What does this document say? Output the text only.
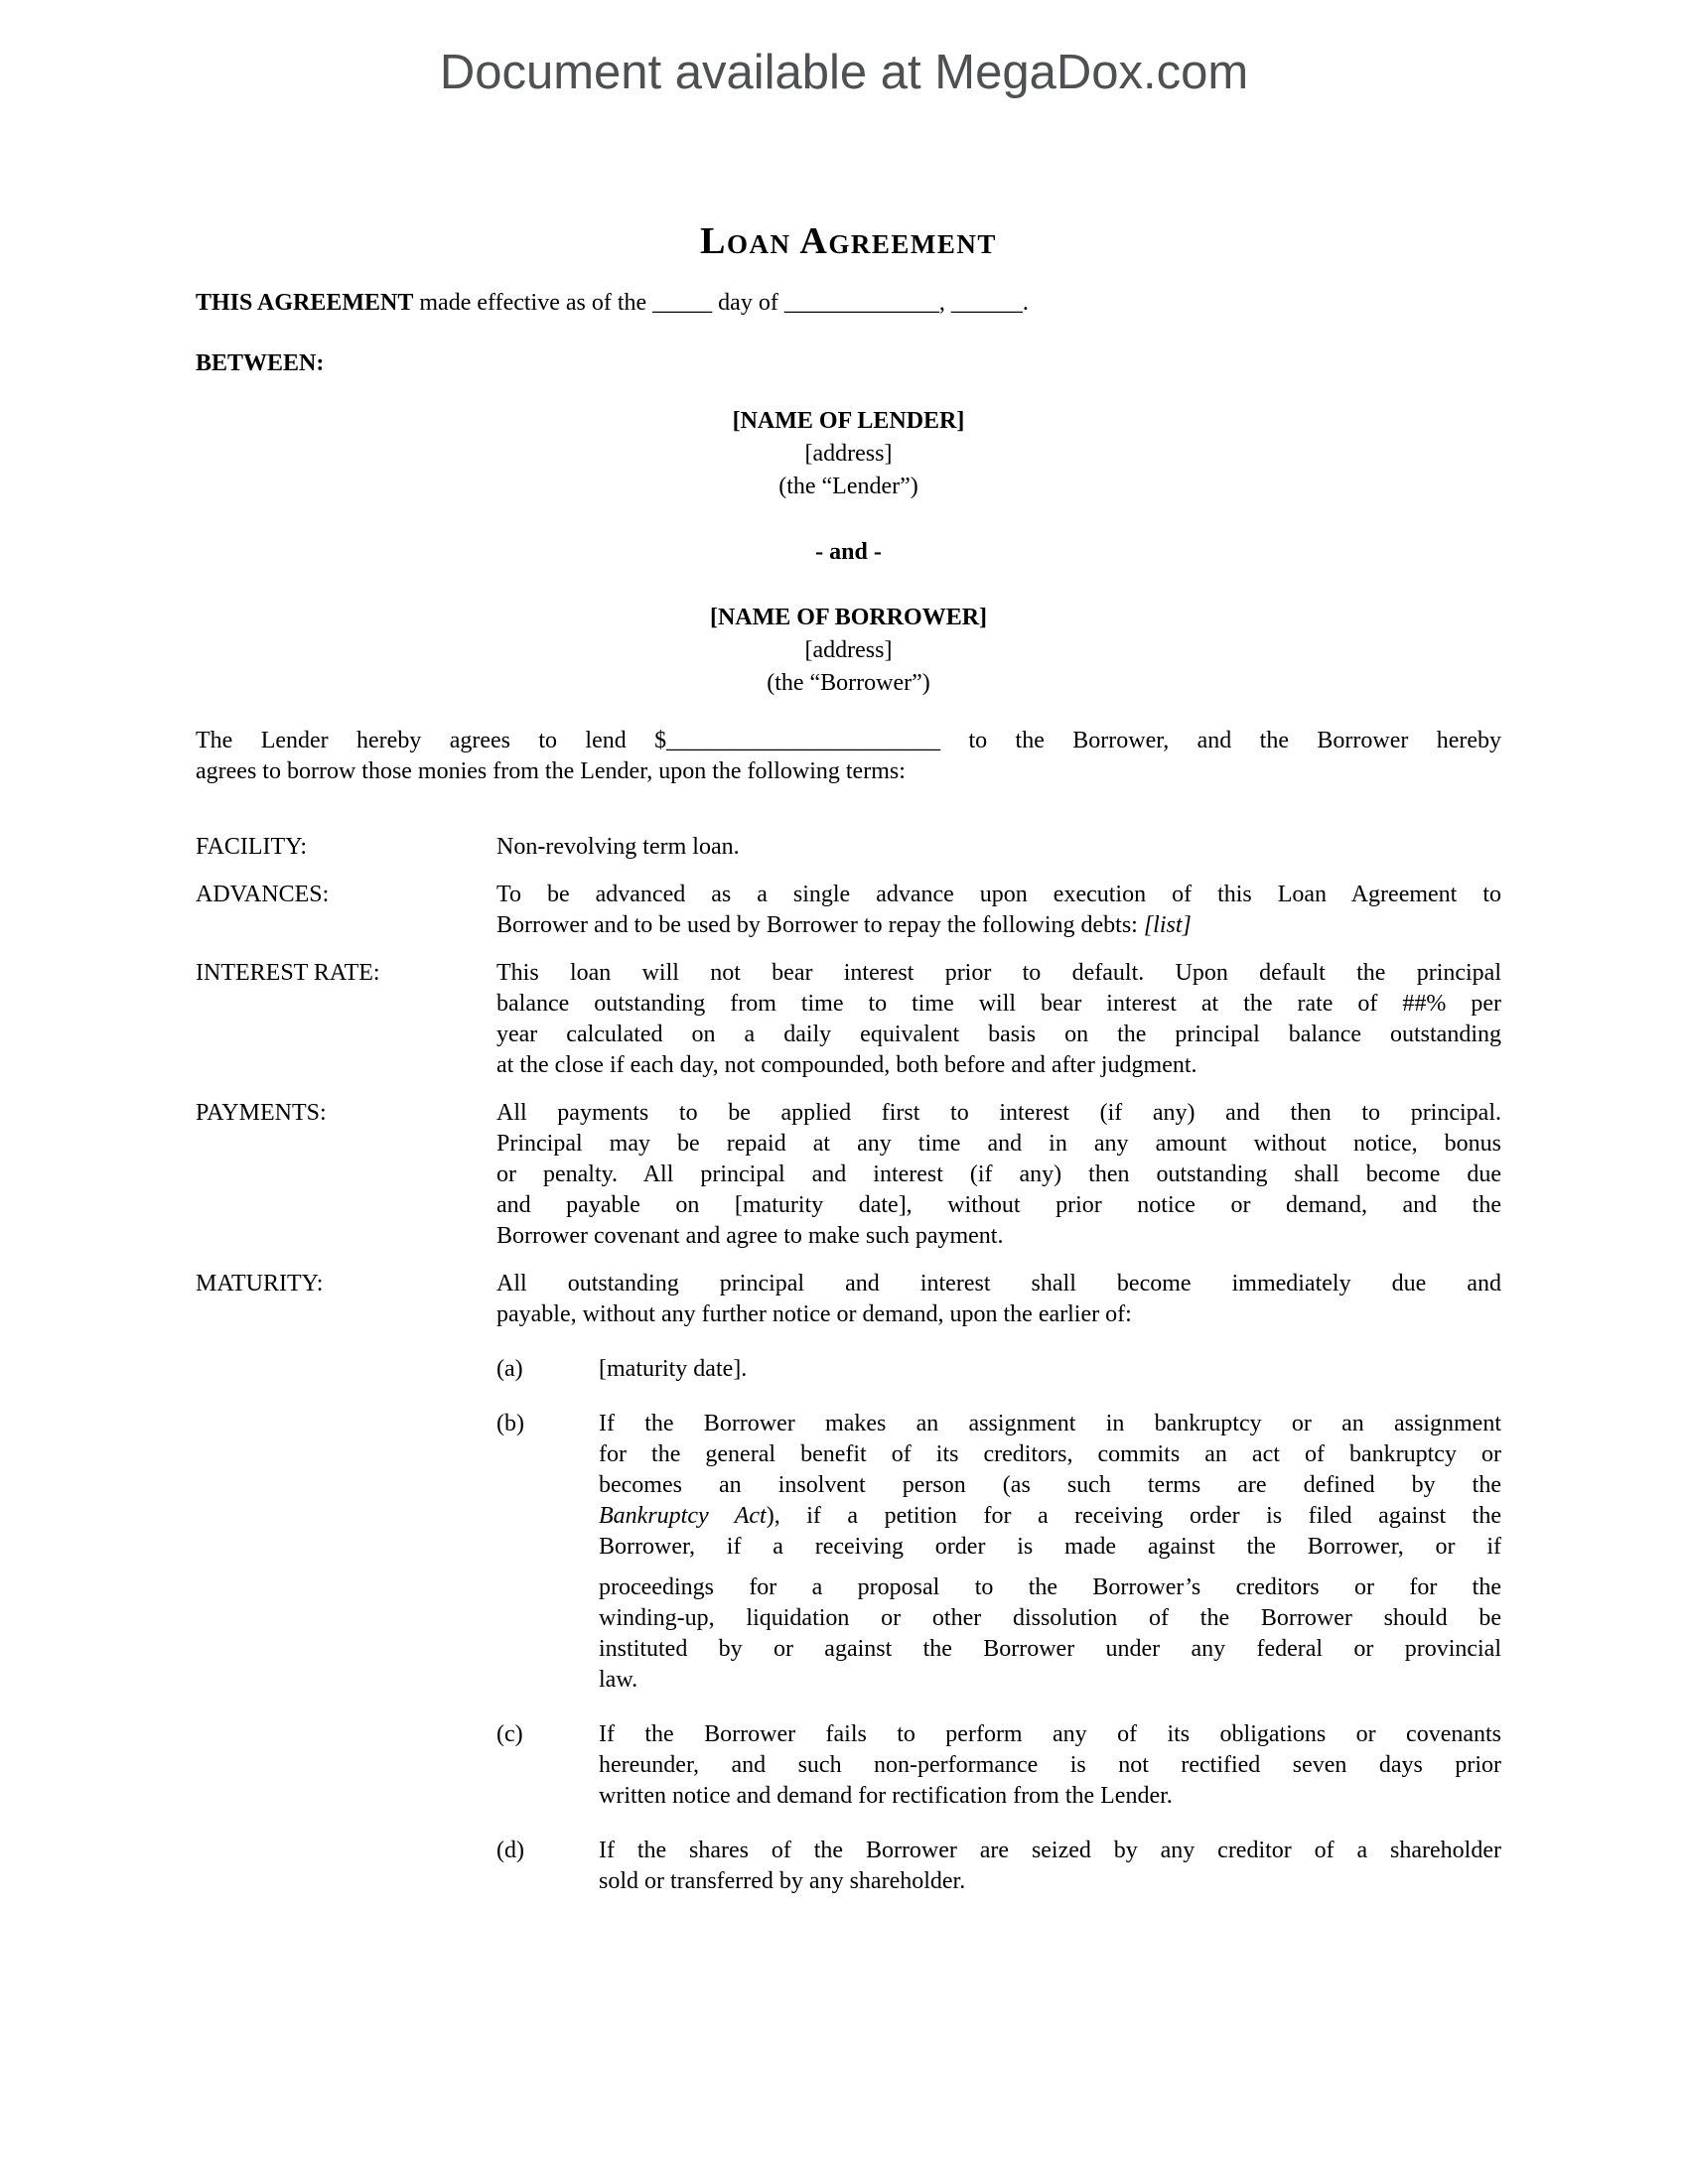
Document available at MegaDox.com
Loan Agreement

THIS AGREEMENT made effective as of the _____ day of _____________, ______.

BETWEEN:

[NAME OF LENDER]
[address]
(the “Lender”)
- and -
[NAME OF BORROWER]
[address]
(the “Borrower”)
The Lender hereby agrees to lend $_______________________ to the Borrower, and the Borrower hereby
agrees to borrow those monies from the Lender, upon the following terms:
FACILITY:	Non-revolving term loan.
ADVANCES:	To be advanced as a single advance upon execution of this Loan Agreement to
Borrower and to be used by Borrower to repay the following debts: [list]
INTEREST RATE:	This loan will not bear interest prior to default. Upon default the principal
balance outstanding from time to time will bear interest at the rate of ##% per
year calculated on a daily equivalent basis on the principal balance outstanding
at the close if each day, not compounded, both before and after judgment.
PAYMENTS:	All payments to be applied first to interest (if any) and then to principal.
Principal may be repaid at any time and in any amount without notice, bonus
or penalty. All principal and interest (if any) then outstanding shall become due
and payable on [maturity date], without prior notice or demand, and the
Borrower covenant and agree to make such payment.
MATURITY:	All outstanding principal and interest shall become immediately due and
payable, without any further notice or demand, upon the earlier of:
(a)	[maturity date].
(b)	If the Borrower makes an assignment in bankruptcy or an assignment
for the general benefit of its creditors, commits an act of bankruptcy or
becomes an insolvent person (as such terms are defined by the
Bankruptcy Act), if a petition for a receiving order is filed against the
Borrower, if a receiving order is made against the Borrower, or if
proceedings for a proposal to the Borrower’s creditors or for the
winding-up, liquidation or other dissolution of the Borrower should be
instituted by or against the Borrower under any federal or provincial
law.
(c)	If the Borrower fails to perform any of its obligations or covenants
hereunder, and such non-performance is not rectified seven days prior
written notice and demand for rectification from the Lender.
(d)	If the shares of the Borrower are seized by any creditor of a shareholder
sold or transferred by any shareholder.
